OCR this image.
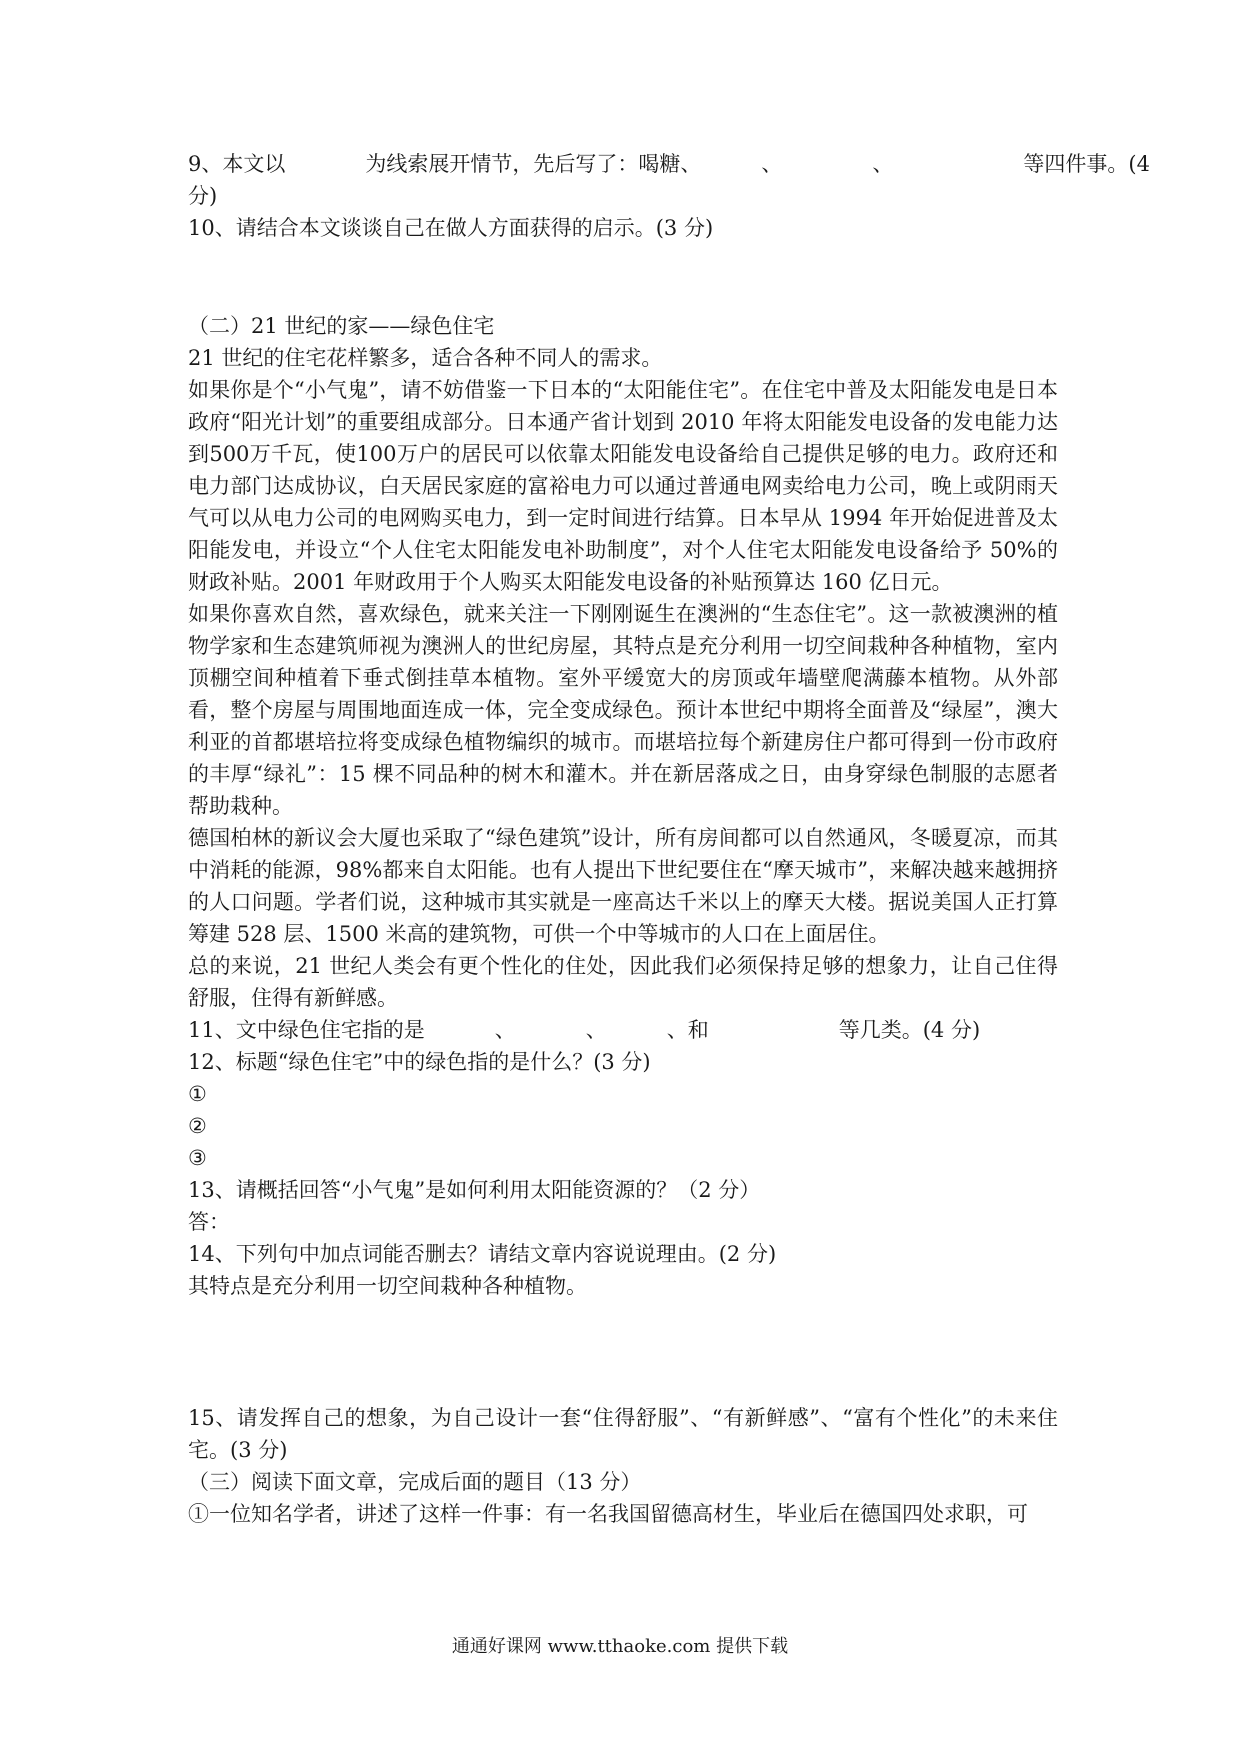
9、本文以	为线索展开情节，先后写了：喝糖、	、	、	等四件事。(4
分)
10、请结合本文谈谈自己在做人方面获得的启示。(3 分)
（二）21 世纪的家——绿色住宅
21 世纪的住宅花样繁多，适合各种不同人的需求。
如果你是个“小气鬼”，请不妨借鉴一下日本的“太阳能住宅”。在住宅中普及太阳能发电是日本政府“阳光计划”的重要组成部分。日本通产省计划到 2010 年将太阳能发电设备的发电能力达到500万千瓦，使100万户的居民可以依靠太阳能发电设备给自己提供足够的电力。政府还和电力部门达成协议，白天居民家庭的富裕电力可以通过普通电网卖给电力公司，晚上或阴雨天气可以从电力公司的电网购买电力，到一定时间进行结算。日本早从 1994 年开始促进普及太阳能发电，并设立“个人住宅太阳能发电补助制度”，对个人住宅太阳能发电设备给予 50%的财政补贴。2001 年财政用于个人购买太阳能发电设备的补贴预算达 160 亿日元。
如果你喜欢自然，喜欢绿色，就来关注一下刚刚诞生在澳洲的“生态住宅”。这一款被澳洲的植物学家和生态建筑师视为澳洲人的世纪房屋，其特点是充分利用一切空间栽种各种植物，室内顶棚空间种植着下垂式倒挂草本植物。室外平缓宽大的房顶或年墙壁爬满藤本植物。从外部看，整个房屋与周围地面连成一体，完全变成绿色。预计本世纪中期将全面普及“绿屋”，澳大利亚的首都堪培拉将变成绿色植物编织的城市。而堪培拉每个新建房住户都可得到一份市政府的丰厚“绿礼”：15 棵不同品种的树木和灌木。并在新居落成之日，由身穿绿色制服的志愿者帮助栽种。
德国柏林的新议会大厦也采取了“绿色建筑”设计，所有房间都可以自然通风，冬暖夏凉，而其中消耗的能源，98%都来自太阳能。也有人提出下世纪要住在“摩天城市”，来解决越来越拥挤的人口问题。学者们说，这种城市其实就是一座高达千米以上的摩天大楼。据说美国人正打算筹建 528 层、1500 米高的建筑物，可供一个中等城市的人口在上面居住。
总的来说，21 世纪人类会有更个性化的住处，因此我们必须保持足够的想象力，让自己住得舒服，住得有新鲜感。
11、文中绿色住宅指的是	、	、	、和	等几类。(4 分)
12、标题“绿色住宅”中的绿色指的是什么？(3 分)
①
②
③
13、请概括回答“小气鬼”是如何利用太阳能资源的？（2 分）
答：
14、下列句中加点词能否删去？请结文章内容说说理由。(2 分)
其特点是充分利用一切空间栽种各种植物。
15、请发挥自己的想象，为自己设计一套“住得舒服”、“有新鲜感”、“富有个性化”的未来住宅。(3 分)
（三）阅读下面文章，完成后面的题目（13 分）
①一位知名学者，讲述了这样一件事：有一名我国留德高材生，毕业后在德国四处求职，可
通通好课网 www.tthaoke.com 提供下载
